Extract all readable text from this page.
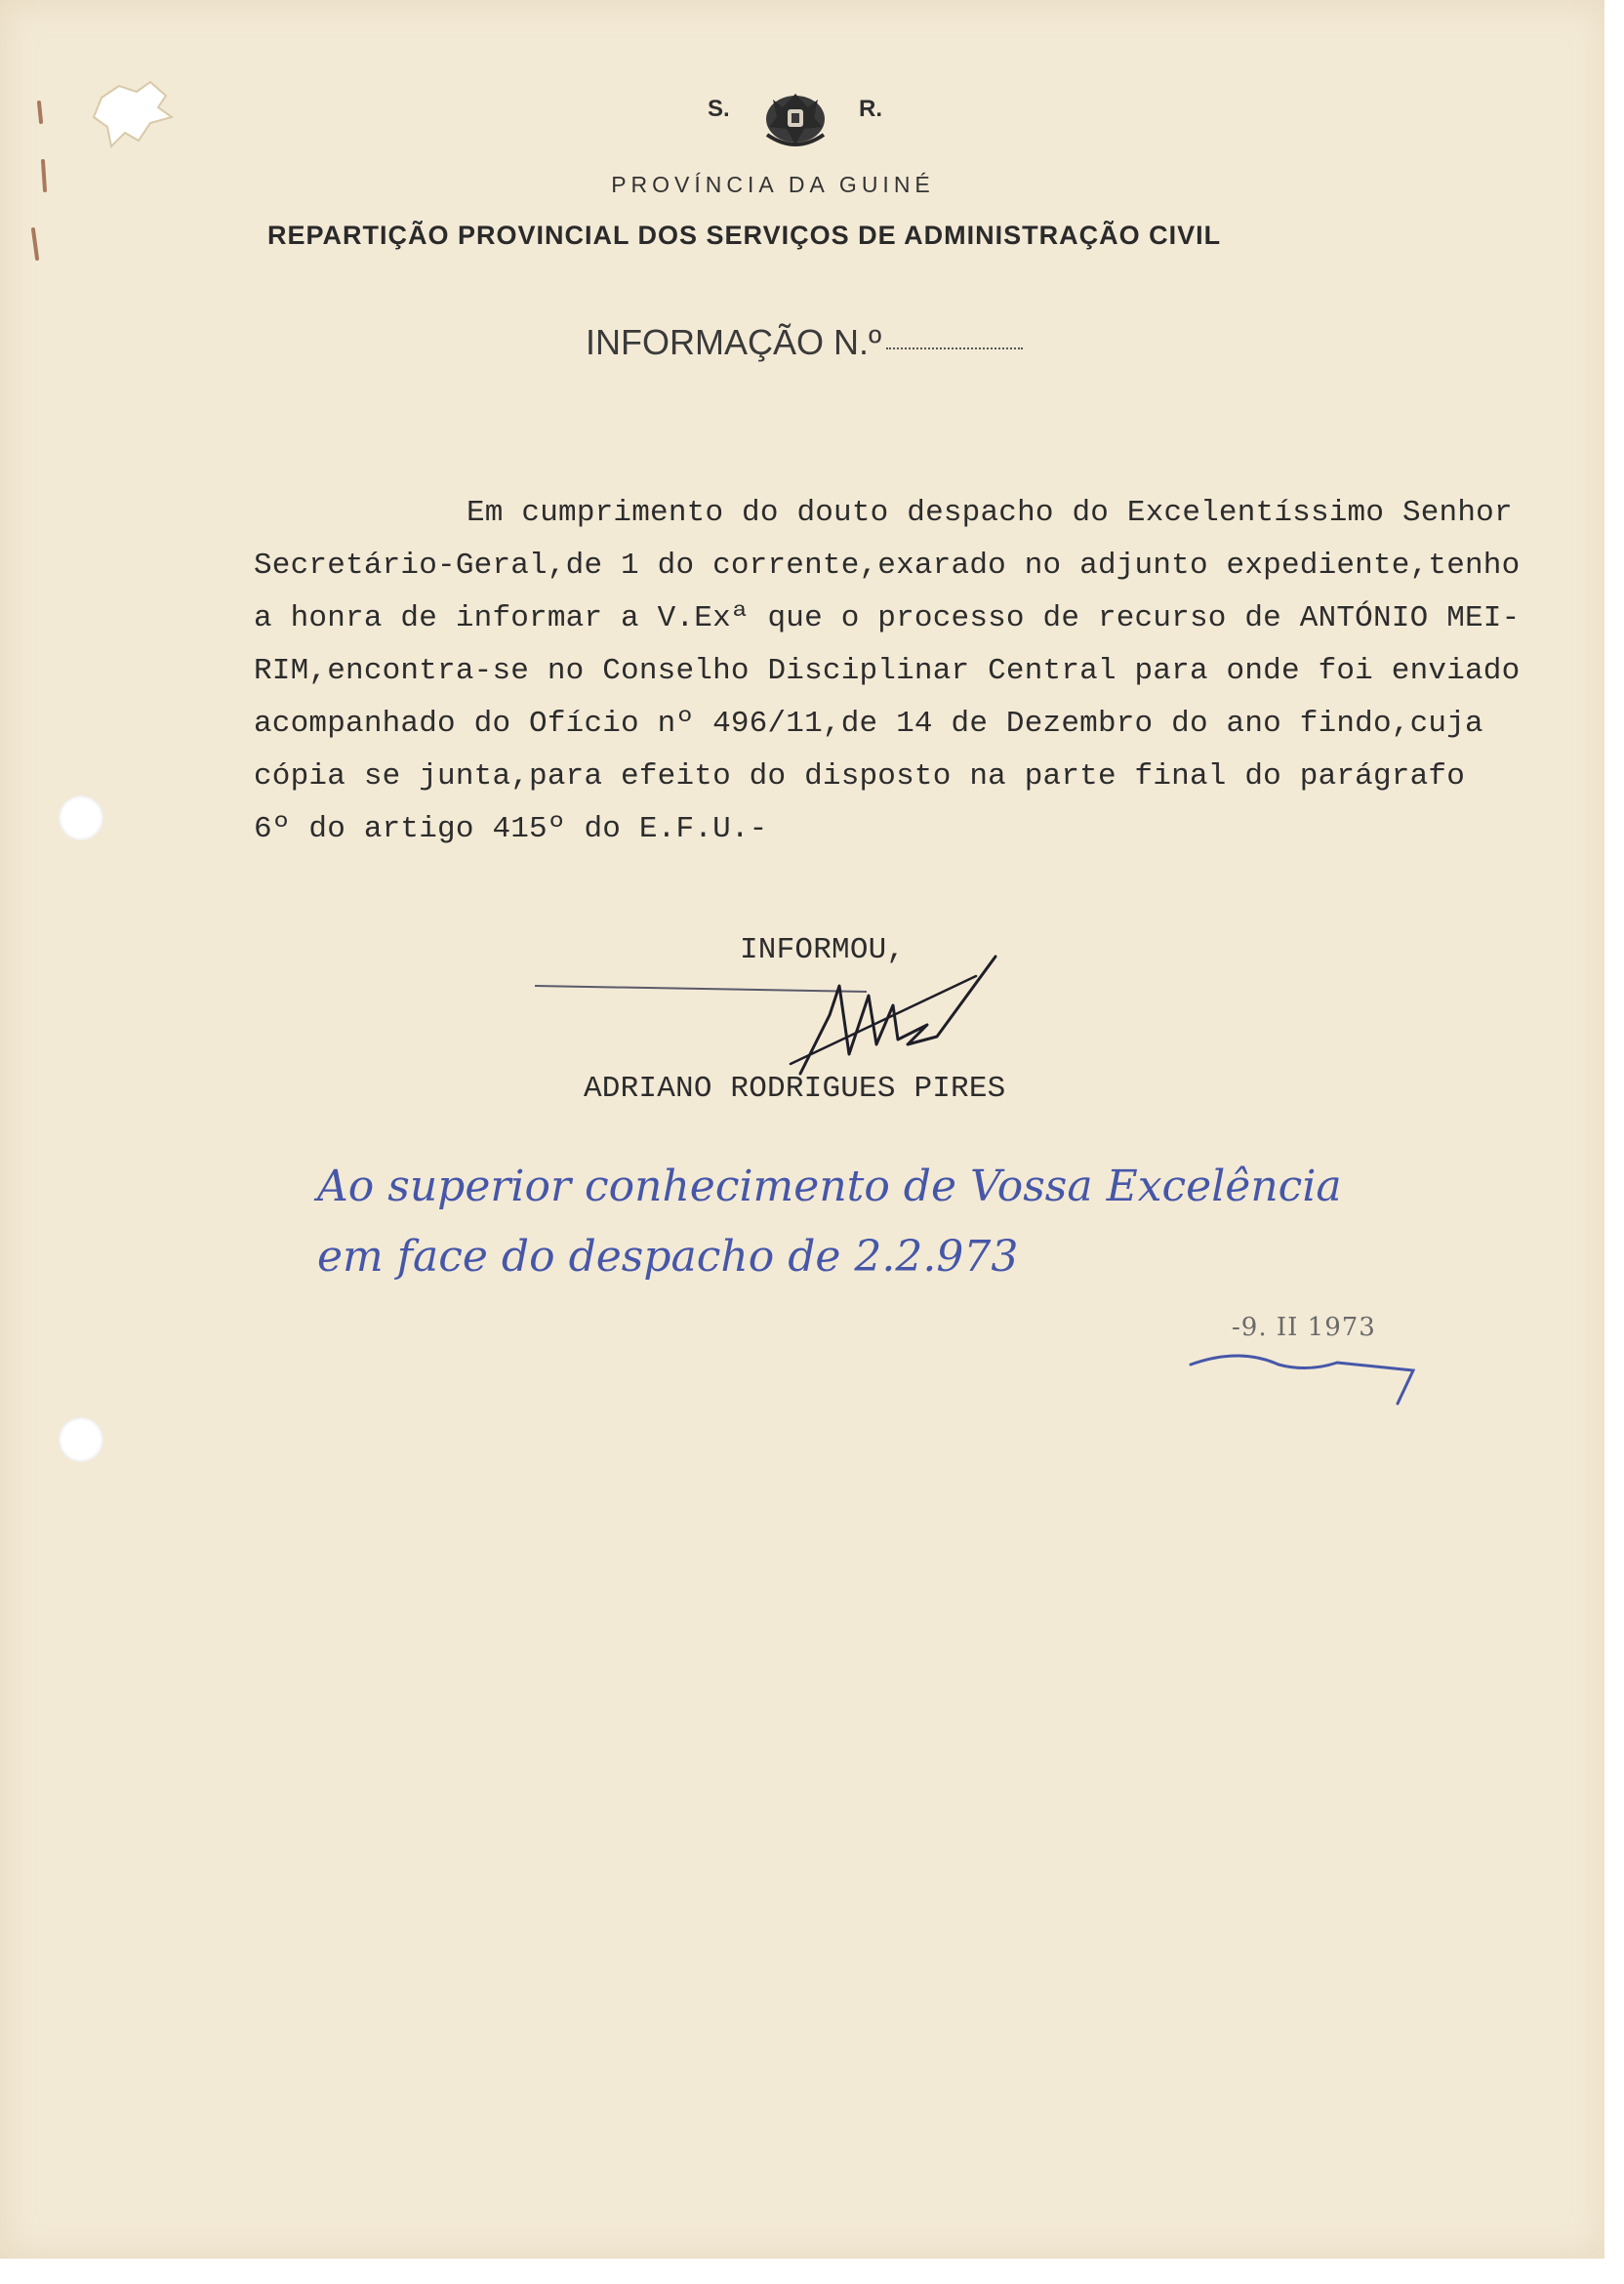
S.	R.
PROVÍNCIA DA GUINÉ
REPARTIÇÃO PROVINCIAL DOS SERVIÇOS DE ADMINISTRAÇÃO CIVIL
INFORMAÇÃO N.º
Em cumprimento do douto despacho do Excelentíssimo Senhor
Secretário-Geral,de 1 do corrente,exarado no adjunto expediente,tenho
a honra de informar a V.Exª que o processo de recurso de ANTÓNIO MEI-
RIM,encontra-se no Conselho Disciplinar Central para onde foi enviado
acompanhado do Ofício nº 496/11,de 14 de Dezembro do ano findo,cuja
cópia se junta,para efeito do disposto na parte final do parágrafo
6º do artigo 415º do E.F.U.-
INFORMOU,
ADRIANO RODRIGUES PIRES
Ao superior conhecimento de Vossa Excelência
em face do despacho de 2.2.973
-9. II 1973
